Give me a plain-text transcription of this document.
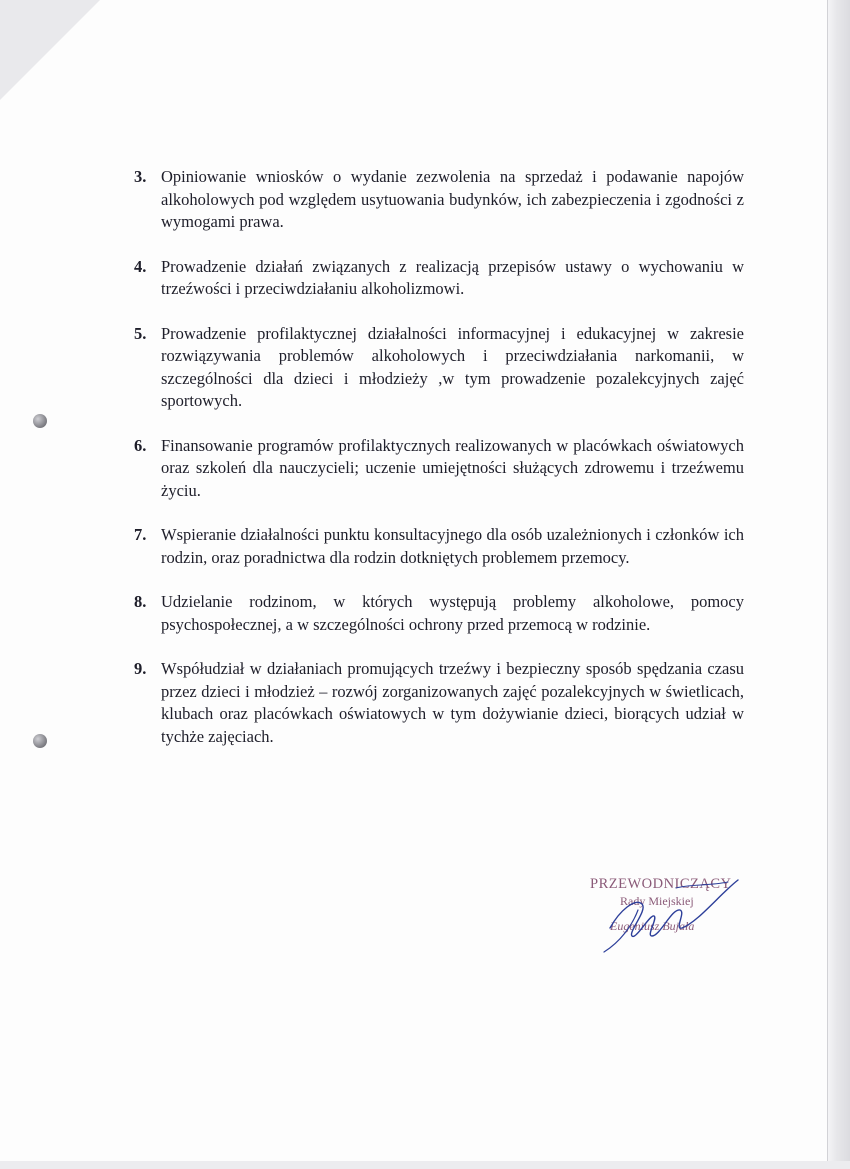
3. Opiniowanie wniosków o wydanie zezwolenia na sprzedaż i podawanie napojów alkoholowych pod względem usytuowania budynków, ich zabezpieczenia i zgodności z wymogami prawa.
4. Prowadzenie działań związanych z realizacją przepisów ustawy o wychowaniu w trzeźwości i przeciwdziałaniu alkoholizmowi.
5. Prowadzenie profilaktycznej działalności informacyjnej i edukacyjnej w zakresie rozwiązywania problemów alkoholowych i przeciwdziałania narkomanii, w szczególności dla dzieci i młodzieży ,w tym prowadzenie pozalekcyjnych zajęć sportowych.
6. Finansowanie programów profilaktycznych realizowanych w placówkach oświatowych oraz szkoleń dla nauczycieli; uczenie umiejętności służących zdrowemu i trzeźwemu życiu.
7. Wspieranie działalności punktu konsultacyjnego dla osób uzależnionych i członków ich rodzin, oraz poradnictwa dla rodzin dotkniętych problemem przemocy.
8. Udzielanie rodzinom, w których występują problemy alkoholowe, pomocy psychospołecznej, a w szczególności ochrony przed przemocą w rodzinie.
9. Współudział w działaniach promujących trzeźwy i bezpieczny sposób spędzania czasu przez dzieci i młodzież – rozwój zorganizowanych zajęć pozalekcyjnych w świetlicach, klubach oraz placówkach oświatowych w tym dożywianie dzieci, biorących udział w tychże zajęciach.
PRZEWODNICZĄCY
Rady Miejskiej
Eugeniusz Bujała
